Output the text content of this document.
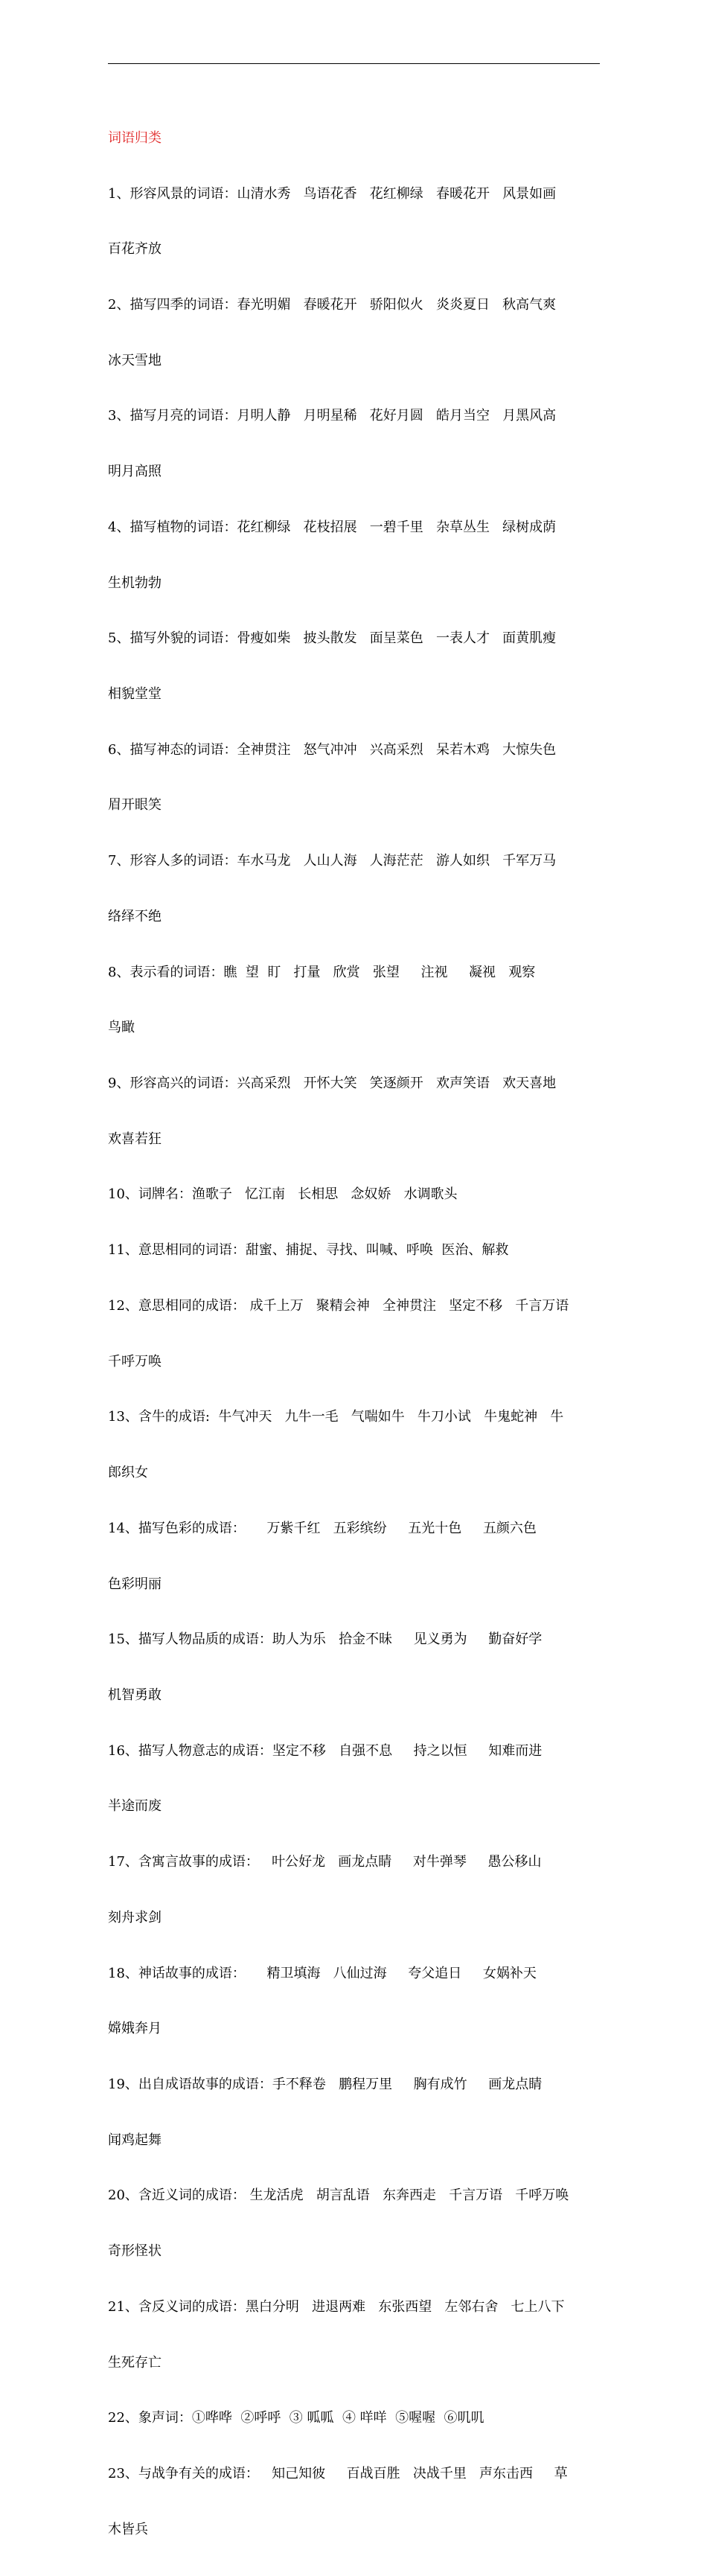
词语归类

1、形容风景的词语：山清水秀   鸟语花香   花红柳绿   春暖花开   风景如画

百花齐放

2、描写四季的词语：春光明媚   春暖花开   骄阳似火   炎炎夏日   秋高气爽

冰天雪地

3、描写月亮的词语：月明人静   月明星稀   花好月圆   皓月当空   月黑风高

明月高照

4、描写植物的词语：花红柳绿   花枝招展   一碧千里   杂草丛生   绿树成荫

生机勃勃

5、描写外貌的词语：骨瘦如柴   披头散发   面呈菜色   一表人才   面黄肌瘦

相貌堂堂

6、描写神态的词语：全神贯注   怒气冲冲   兴高采烈   呆若木鸡   大惊失色

眉开眼笑

7、形容人多的词语：车水马龙   人山人海   人海茫茫   游人如织   千军万马

络绎不绝

8、表示看的词语：瞧  望  盯   打量   欣赏   张望     注视     凝视   观察

鸟瞰

9、形容高兴的词语：兴高采烈   开怀大笑   笑逐颜开   欢声笑语   欢天喜地

欢喜若狂

10、词牌名：渔歌子   忆江南   长相思   念奴娇   水调歌头

11、意思相同的词语：甜蜜、捕捉、寻找、叫喊、呼唤  医治、解救

12、意思相同的成语： 成千上万   聚精会神   全神贯注   坚定不移   千言万语

千呼万唤

13、含牛的成语:  牛气冲天   九牛一毛   气喘如牛   牛刀小试   牛鬼蛇神   牛

郎织女

14、描写色彩的成语：     万紫千红   五彩缤纷     五光十色     五颜六色

色彩明丽

15、描写人物品质的成语：助人为乐   拾金不昧     见义勇为     勤奋好学

机智勇敢

16、描写人物意志的成语：坚定不移   自强不息     持之以恒     知难而进

半途而废

17、含寓言故事的成语：   叶公好龙   画龙点睛     对牛弹琴     愚公移山

刻舟求剑

18、神话故事的成语：     精卫填海   八仙过海     夸父追日     女娲补天

嫦娥奔月

19、出自成语故事的成语：手不释卷   鹏程万里     胸有成竹     画龙点睛

闻鸡起舞

20、含近义词的成语： 生龙活虎   胡言乱语   东奔西走   千言万语   千呼万唤

奇形怪状

21、含反义词的成语：黑白分明   进退两难   东张西望   左邻右舍   七上八下

生死存亡

22、象声词：①哗哗  ②呼呼  ③ 呱呱  ④ 咩咩  ⑤喔喔  ⑥叽叽

23、与战争有关的成语：   知己知彼     百战百胜   决战千里   声东击西     草

木皆兵
